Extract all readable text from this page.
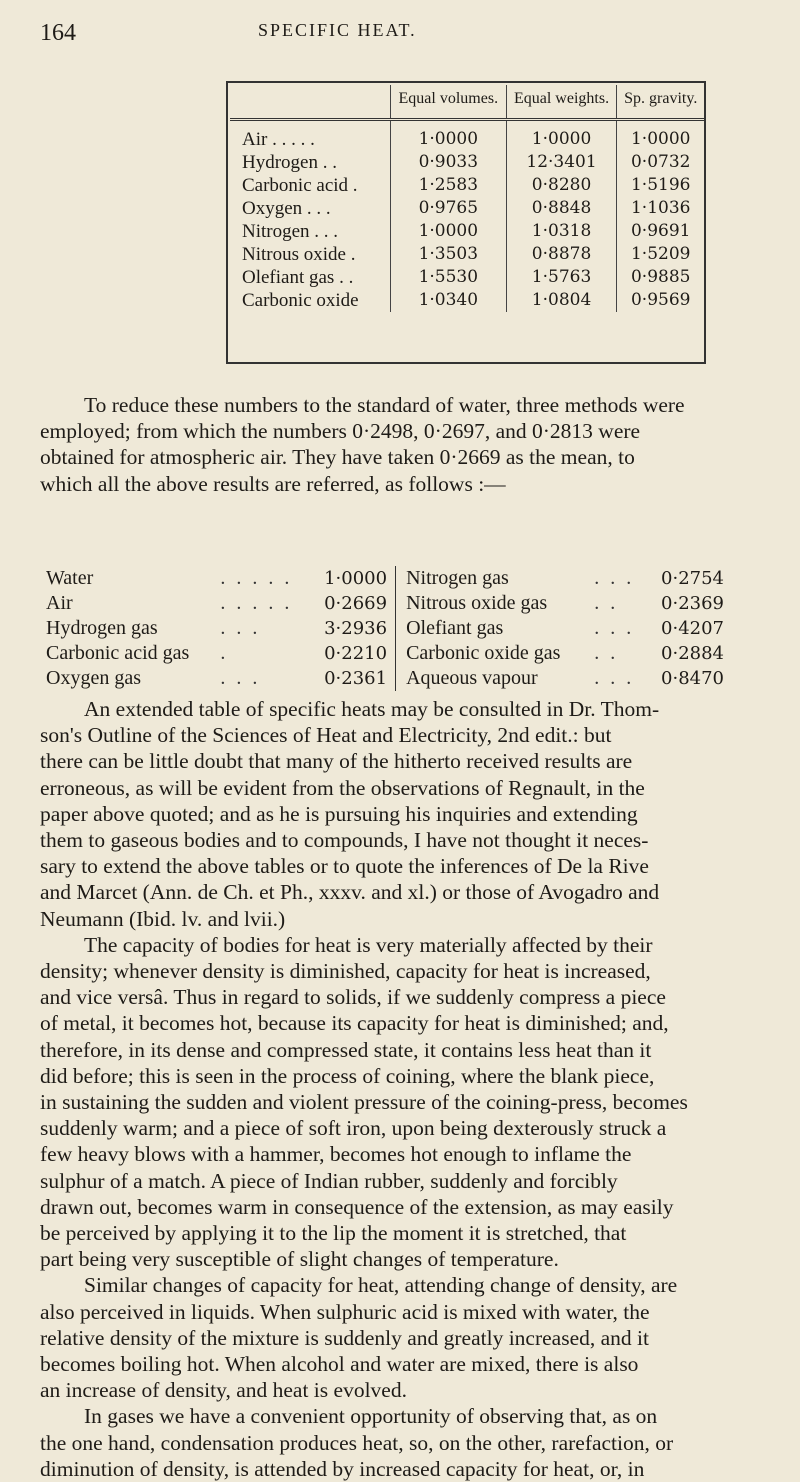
164	SPECIFIC HEAT.
	Equal volumes.	Equal weights.	Sp. gravity.
Air . . . . .	1·0000	1·0000	1·0000
Hydrogen . .	0·9033	12·3401	0·0732
Carbonic acid .	1·2583	0·8280	1·5196
Oxygen . . .	0·9765	0·8848	1·1036
Nitrogen . . .	1·0000	1·0318	0·9691
Nitrous oxide .	1·3503	0·8878	1·5209
Olefiant gas . .	1·5530	1·5763	0·9885
Carbonic oxide	1·0340	1·0804	0·9569
To reduce these numbers to the standard of water, three methods were
employed; from which the numbers 0·2498, 0·2697, and 0·2813 were
obtained for atmospheric air. They have taken 0·2669 as the mean, to
which all the above results are referred, as follows :—
Water	. . . . .	1·0000	Nitrogen gas	. . .	0·2754
Air	. . . . .	0·2669	Nitrous oxide gas	. .	0·2369
Hydrogen gas	. . .	3·2936	Olefiant gas	. . .	0·4207
Carbonic acid gas	.	0·2210	Carbonic oxide gas	. .	0·2884
Oxygen gas	. . .	0·2361	Aqueous vapour	. . .	0·8470
An extended table of specific heats may be consulted in Dr. Thom-
son's Outline of the Sciences of Heat and Electricity, 2nd edit.: but
there can be little doubt that many of the hitherto received results are
erroneous, as will be evident from the observations of Regnault, in the
paper above quoted; and as he is pursuing his inquiries and extending
them to gaseous bodies and to compounds, I have not thought it neces-
sary to extend the above tables or to quote the inferences of De la Rive
and Marcet (Ann. de Ch. et Ph., xxxv. and xl.) or those of Avogadro and
Neumann (Ibid. lv. and lvii.)
The capacity of bodies for heat is very materially affected by their
density; whenever density is diminished, capacity for heat is increased,
and vice versâ. Thus in regard to solids, if we suddenly compress a piece
of metal, it becomes hot, because its capacity for heat is diminished; and,
therefore, in its dense and compressed state, it contains less heat than it
did before; this is seen in the process of coining, where the blank piece,
in sustaining the sudden and violent pressure of the coining-press, becomes
suddenly warm; and a piece of soft iron, upon being dexterously struck a
few heavy blows with a hammer, becomes hot enough to inflame the
sulphur of a match. A piece of Indian rubber, suddenly and forcibly
drawn out, becomes warm in consequence of the extension, as may easily
be perceived by applying it to the lip the moment it is stretched, that
part being very susceptible of slight changes of temperature.
Similar changes of capacity for heat, attending change of density, are
also perceived in liquids. When sulphuric acid is mixed with water, the
relative density of the mixture is suddenly and greatly increased, and it
becomes boiling hot. When alcohol and water are mixed, there is also
an increase of density, and heat is evolved.
In gases we have a convenient opportunity of observing that, as on
the one hand, condensation produces heat, so, on the other, rarefaction, or
diminution of density, is attended by increased capacity for heat, or, in
